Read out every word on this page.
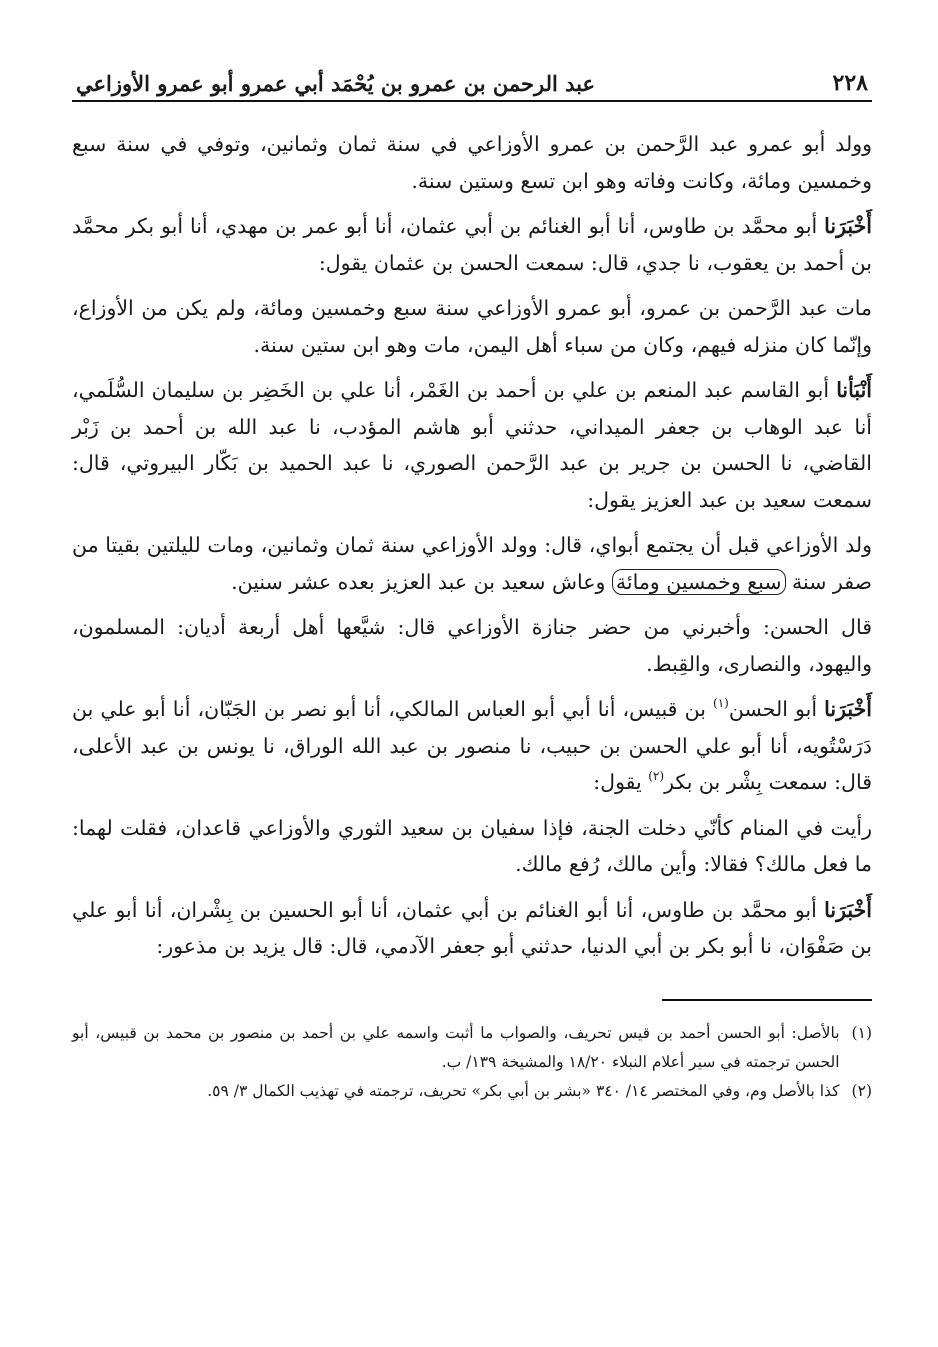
٢٢٨
عبد الرحمن بن عمرو بن يُحْمَد أبي عمرو أبو عمرو الأوزاعي

وولد أبو عمرو عبد الرَّحمن بن عمرو الأوزاعي في سنة ثمان وثمانين، وتوفي في سنة سبع وخمسين ومائة، وكانت وفاته وهو ابن تسع وستين سنة.

أَخْبَرَنا أبو محمَّد بن طاوس، أنا أبو الغنائم بن أبي عثمان، أنا أبو عمر بن مهدي، أنا أبو بكر محمَّد بن أحمد بن يعقوب، نا جدي، قال: سمعت الحسن بن عثمان يقول:

مات عبد الرَّحمن بن عمرو، أبو عمرو الأوزاعي سنة سبع وخمسين ومائة، ولم يكن من الأوزاع، وإنّما كان منزله فيهم، وكان من سباء أهل اليمن، مات وهو ابن ستين سنة.

أَنْبَأنا أبو القاسم عبد المنعم بن علي بن أحمد بن الغَمْر، أنا علي بن الخَضِر بن سليمان السُّلَمي، أنا عبد الوهاب بن جعفر الميداني، حدثني أبو هاشم المؤدب، نا عبد الله بن أحمد بن زَبْر القاضي، نا الحسن بن جرير بن عبد الرَّحمن الصوري، نا عبد الحميد بن بَكّار البيروتي، قال: سمعت سعيد بن عبد العزيز يقول:

ولد الأوزاعي قبل أن يجتمع أبواي، قال: وولد الأوزاعي سنة ثمان وثمانين، ومات لليلتين بقيتا من صفر سنة سبع وخمسين ومائة وعاش سعيد بن عبد العزيز بعده عشر سنين.

قال الحسن: وأخبرني من حضر جنازة الأوزاعي قال: شيَّعها أهل أربعة أديان: المسلمون، واليهود، والنصارى، والقِبط.

أَخْبَرَنا أبو الحسن$^{(١)}$ بن قبيس، أنا أبي أبو العباس المالكي، أنا أبو نصر بن الجَبّان، أنا أبو علي بن دَرَسْتُويه، أنا أبو علي الحسن بن حبيب، نا منصور بن عبد الله الوراق، نا يونس بن عبد الأعلى، قال: سمعت بِشْر بن بكر$^{(٢)}$ يقول:

رأيت في المنام كأنّي دخلت الجنة، فإذا سفيان بن سعيد الثوري والأوزاعي قاعدان، فقلت لهما: ما فعل مالك؟ فقالا: وأين مالك، رُفع مالك.

أَخْبَرَنا أبو محمَّد بن طاوس، أنا أبو الغنائم بن أبي عثمان، أنا أبو الحسين بن بِشْران، أنا أبو علي بن صَفْوَان، نا أبو بكر بن أبي الدنيا، حدثني أبو جعفر الآدمي، قال: قال يزيد بن مذعور:

(١)
بالأصل: أبو الحسن أحمد بن قيس تحريف، والصواب ما أثبت واسمه علي بن أحمد بن منصور بن محمد بن قبيس، أبو الحسن ترجمته في سير أعلام النبلاء ١٨/٢٠ والمشيخة ١٣٩/ ب.

(٢)
كذا بالأصل وم، وفي المختصر ١٤/ ٣٤٠ «بشر بن أبي بكر» تحريف، ترجمته في تهذيب الكمال ٣/ ٥٩.
